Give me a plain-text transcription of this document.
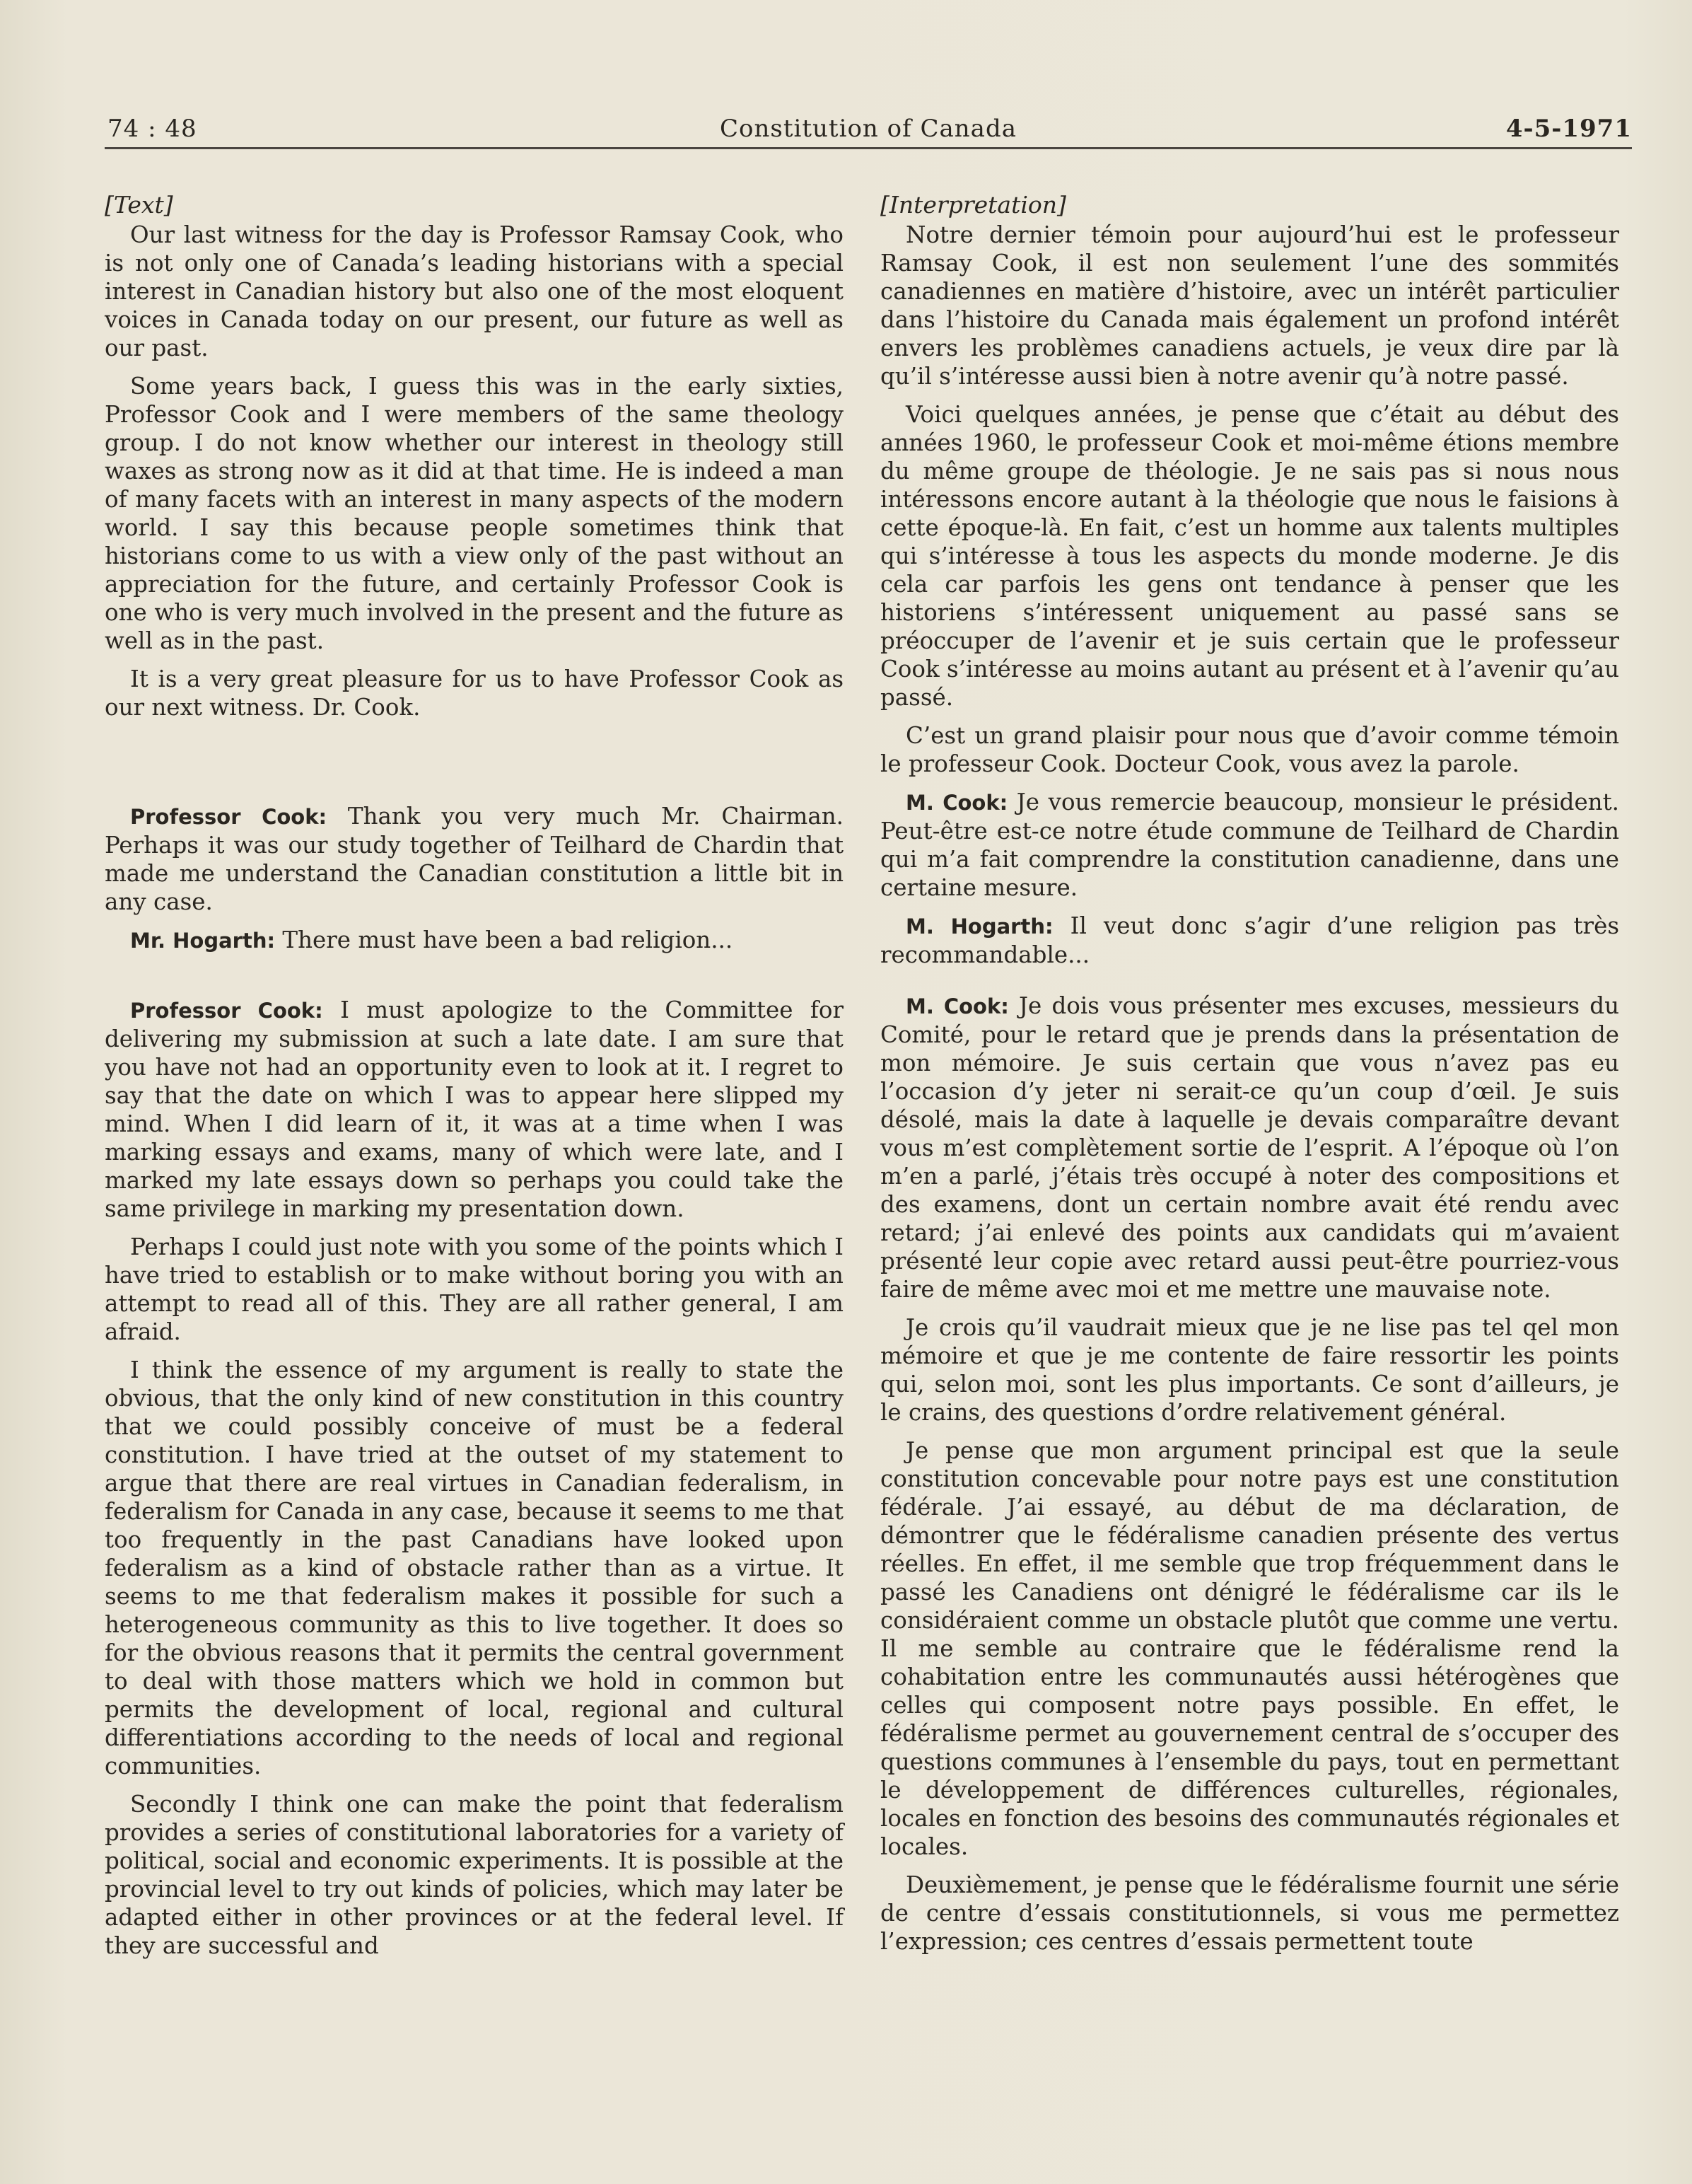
74 : 48	Constitution of Canada	4-5-1971

[Text]

Our last witness for the day is Professor Ramsay Cook, who is not only one of Canada’s leading historians with a special interest in Canadian history but also one of the most eloquent voices in Canada today on our present, our future as well as our past.

Some years back, I guess this was in the early sixties, Professor Cook and I were members of the same theology group. I do not know whether our interest in theology still waxes as strong now as it did at that time. He is indeed a man of many facets with an interest in many aspects of the modern world. I say this because people sometimes think that historians come to us with a view only of the past without an appreciation for the future, and certainly Professor Cook is one who is very much involved in the present and the future as well as in the past.

It is a very great pleasure for us to have Professor Cook as our next witness. Dr. Cook.

Professor Cook: Thank you very much Mr. Chairman. Perhaps it was our study together of Teilhard de Chardin that made me understand the Canadian constitution a little bit in any case.

Mr. Hogarth: There must have been a bad religion...

Professor Cook: I must apologize to the Committee for delivering my submission at such a late date. I am sure that you have not had an opportunity even to look at it. I regret to say that the date on which I was to appear here slipped my mind. When I did learn of it, it was at a time when I was marking essays and exams, many of which were late, and I marked my late essays down so perhaps you could take the same privilege in marking my presentation down.

Perhaps I could just note with you some of the points which I have tried to establish or to make without boring you with an attempt to read all of this. They are all rather general, I am afraid.

I think the essence of my argument is really to state the obvious, that the only kind of new constitution in this country that we could possibly conceive of must be a federal constitution. I have tried at the outset of my statement to argue that there are real virtues in Canadian federalism, in federalism for Canada in any case, because it seems to me that too frequently in the past Canadians have looked upon federalism as a kind of obstacle rather than as a virtue. It seems to me that federalism makes it possible for such a heterogeneous community as this to live together. It does so for the obvious reasons that it permits the central government to deal with those matters which we hold in common but permits the development of local, regional and cultural differentiations according to the needs of local and regional communities.

Secondly I think one can make the point that federalism provides a series of constitutional laboratories for a variety of political, social and economic experiments. It is possible at the provincial level to try out kinds of policies, which may later be adapted either in other provinces or at the federal level. If they are successful and

[Interpretation]

Notre dernier témoin pour aujourd’hui est le professeur Ramsay Cook, il est non seulement l’une des sommités canadiennes en matière d’histoire, avec un intérêt particulier dans l’histoire du Canada mais également un profond intérêt envers les problèmes canadiens actuels, je veux dire par là qu’il s’intéresse aussi bien à notre avenir qu’à notre passé.

Voici quelques années, je pense que c’était au début des années 1960, le professeur Cook et moi-même étions membre du même groupe de théologie. Je ne sais pas si nous nous intéressons encore autant à la théologie que nous le faisions à cette époque-là. En fait, c’est un homme aux talents multiples qui s’intéresse à tous les aspects du monde moderne. Je dis cela car parfois les gens ont tendance à penser que les historiens s’intéressent uniquement au passé sans se préoccuper de l’avenir et je suis certain que le professeur Cook s’intéresse au moins autant au présent et à l’avenir qu’au passé.

C’est un grand plaisir pour nous que d’avoir comme témoin le professeur Cook. Docteur Cook, vous avez la parole.

M. Cook: Je vous remercie beaucoup, monsieur le président. Peut-être est-ce notre étude commune de Teilhard de Chardin qui m’a fait comprendre la constitution canadienne, dans une certaine mesure.

M. Hogarth: Il veut donc s’agir d’une religion pas très recommandable...

M. Cook: Je dois vous présenter mes excuses, messieurs du Comité, pour le retard que je prends dans la présentation de mon mémoire. Je suis certain que vous n’avez pas eu l’occasion d’y jeter ni serait-ce qu’un coup d’œil. Je suis désolé, mais la date à laquelle je devais comparaître devant vous m’est complètement sortie de l’esprit. A l’époque où l’on m’en a parlé, j’étais très occupé à noter des compositions et des examens, dont un certain nombre avait été rendu avec retard; j’ai enlevé des points aux candidats qui m’avaient présenté leur copie avec retard aussi peut-être pourriez-vous faire de même avec moi et me mettre une mauvaise note.

Je crois qu’il vaudrait mieux que je ne lise pas tel qel mon mémoire et que je me contente de faire ressortir les points qui, selon moi, sont les plus importants. Ce sont d’ailleurs, je le crains, des questions d’ordre relativement général.

Je pense que mon argument principal est que la seule constitution concevable pour notre pays est une constitution fédérale. J’ai essayé, au début de ma déclaration, de démontrer que le fédéralisme canadien présente des vertus réelles. En effet, il me semble que trop fréquemment dans le passé les Canadiens ont dénigré le fédéralisme car ils le considéraient comme un obstacle plutôt que comme une vertu. Il me semble au contraire que le fédéralisme rend la cohabitation entre les communautés aussi hétérogènes que celles qui composent notre pays possible. En effet, le fédéralisme permet au gouvernement central de s’occuper des questions communes à l’ensemble du pays, tout en permettant le développement de différences culturelles, régionales, locales en fonction des besoins des communautés régionales et locales.

Deuxièmement, je pense que le fédéralisme fournit une série de centre d’essais constitutionnels, si vous me permettez l’expression; ces centres d’essais permettent toute
